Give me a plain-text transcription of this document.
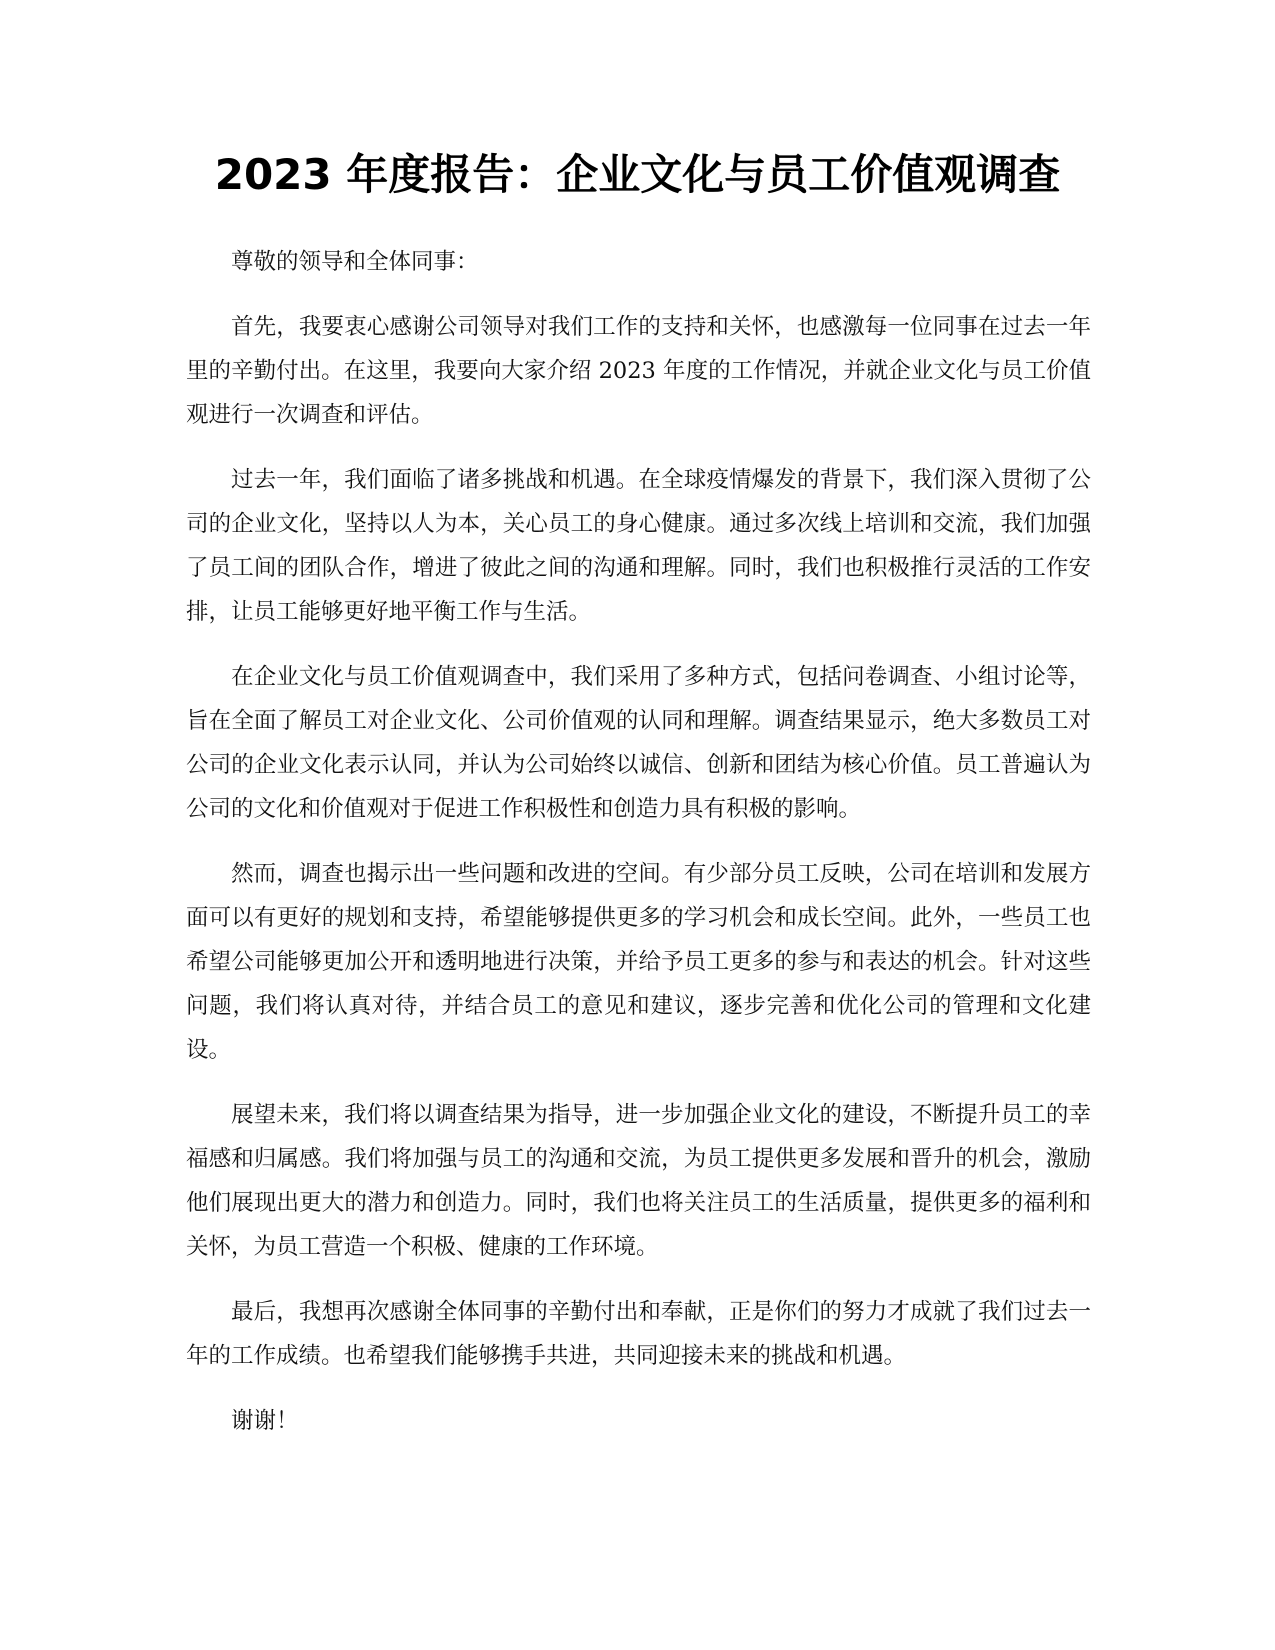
2023 年度报告：企业文化与员工价值观调查

尊敬的领导和全体同事：

首先，我要衷心感谢公司领导对我们工作的支持和关怀，也感激每一位同事在过去一年里的辛勤付出。在这里，我要向大家介绍 2023 年度的工作情况，并就企业文化与员工价值观进行一次调查和评估。

过去一年，我们面临了诸多挑战和机遇。在全球疫情爆发的背景下，我们深入贯彻了公司的企业文化，坚持以人为本，关心员工的身心健康。通过多次线上培训和交流，我们加强了员工间的团队合作，增进了彼此之间的沟通和理解。同时，我们也积极推行灵活的工作安排，让员工能够更好地平衡工作与生活。

在企业文化与员工价值观调查中，我们采用了多种方式，包括问卷调查、小组讨论等，旨在全面了解员工对企业文化、公司价值观的认同和理解。调查结果显示，绝大多数员工对公司的企业文化表示认同，并认为公司始终以诚信、创新和团结为核心价值。员工普遍认为公司的文化和价值观对于促进工作积极性和创造力具有积极的影响。

然而，调查也揭示出一些问题和改进的空间。有少部分员工反映，公司在培训和发展方面可以有更好的规划和支持，希望能够提供更多的学习机会和成长空间。此外，一些员工也希望公司能够更加公开和透明地进行决策，并给予员工更多的参与和表达的机会。针对这些问题，我们将认真对待，并结合员工的意见和建议，逐步完善和优化公司的管理和文化建设。

展望未来，我们将以调查结果为指导，进一步加强企业文化的建设，不断提升员工的幸福感和归属感。我们将加强与员工的沟通和交流，为员工提供更多发展和晋升的机会，激励他们展现出更大的潜力和创造力。同时，我们也将关注员工的生活质量，提供更多的福利和关怀，为员工营造一个积极、健康的工作环境。

最后，我想再次感谢全体同事的辛勤付出和奉献，正是你们的努力才成就了我们过去一年的工作成绩。也希望我们能够携手共进，共同迎接未来的挑战和机遇。

谢谢！
